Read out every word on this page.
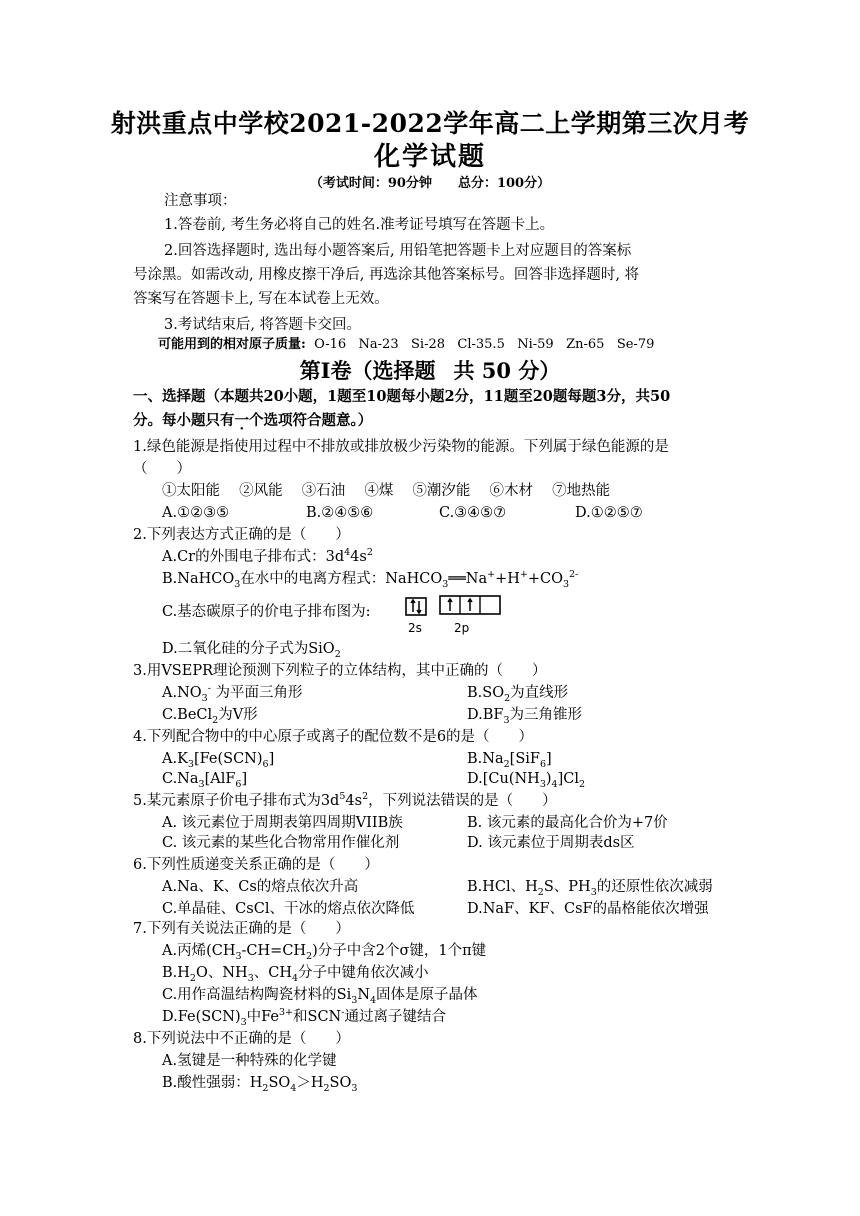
射洪重点中学校2021-2022学年高二上学期第三次月考
化学试题
（考试时间：90分钟 总分：100分）
注意事项：
1.答卷前, 考生务必将自己的姓名.准考证号填写在答题卡上。
2.回答选择题时, 选出每小题答案后, 用铅笔把答题卡上对应题目的答案标
号涂黑。如需改动, 用橡皮擦干净后, 再选涂其他答案标号。回答非选择题时, 将
答案写在答题卡上, 写在本试卷上无效。
3.考试结束后, 将答题卡交回。
可能用到的相对原子质量: O-16   Na-23   Si-28   Cl-35.5   Ni-59   Zn-65   Se-79
第Ⅰ卷（选择题 共 50 分）
一、选择题（本题共20小题，1题至10题每小题2分，11题至20题每题3分，共50
分。每小题只有一个选项符合题意。）
1.绿色能源是指使用过程中不排放或排放极少污染物的能源。下列属于绿色能源的是
（　　）
①太阳能　 ②风能　 ③石油　 ④煤　 ⑤潮汐能　 ⑥木材　 ⑦地热能
A.①②③⑤	B.②④⑤⑥	C.③④⑤⑦	D.①②⑤⑦
2.下列表达方式正确的是（　　）
A.Cr的外围电子排布式：$3d^44s^2$
B.NaHCO$_3$在水中的电离方程式：$NaHCO_3══Na^++H^++CO_3^{2-}$
C.基态碳原子的价电子排布图为:
2s	2p
D.二氧化硅的分子式为SiO$_2$
3.用VSEPR理论预测下列粒子的立体结构，其中正确的（　　）
$A.NO_3^-$ 为平面三角形	$B.SO_2$为直线形
C.BeCl$_2$为V形	$D.BF_3$为三角锥形
4.下列配合物中的中心原子或离子的配位数不是6的是（　　）
$A.K_3[Fe(SCN)_6]$	$B.Na_2[SiF_6]$
$C.Na_3[AlF_6]$	$D.[Cu(NH_3)_4]Cl_2$
5.某元素原子价电子排布式为$3d^54s^2$，下列说法错误的是（　　）
A. 该元素位于周期表第四周期VIIB族	B. 该元素的最高化合价为+7价
C. 该元素的某些化合物常用作催化剂	D. 该元素位于周期表ds区
6.下列性质递变关系正确的是（　　）
A.Na、K、Cs的熔点依次升高	B.HCl、$H_2S$、$PH_3$的还原性依次减弱
C.单晶硅、CsCl、干冰的熔点依次降低	D.NaF、KF、CsF的晶格能依次增强
7.下列有关说法正确的是（　　）
A.丙烯$(CH_3-CH=CH_2)$分子中含2个σ键，1个π键
$B.H_2O$、$NH_3$、$CH_4$分子中键角依次减小
C.用作高温结构陶瓷材料的$Si_3N_4$固体是原子晶体
$D.Fe(SCN)_3$中$Fe^{3+}$和SCN-通过离子键结合
8.下列说法中不正确的是（　　）
A.氢键是一种特殊的化学键
B.酸性强弱：$H_2SO_4>H_2SO_3$
